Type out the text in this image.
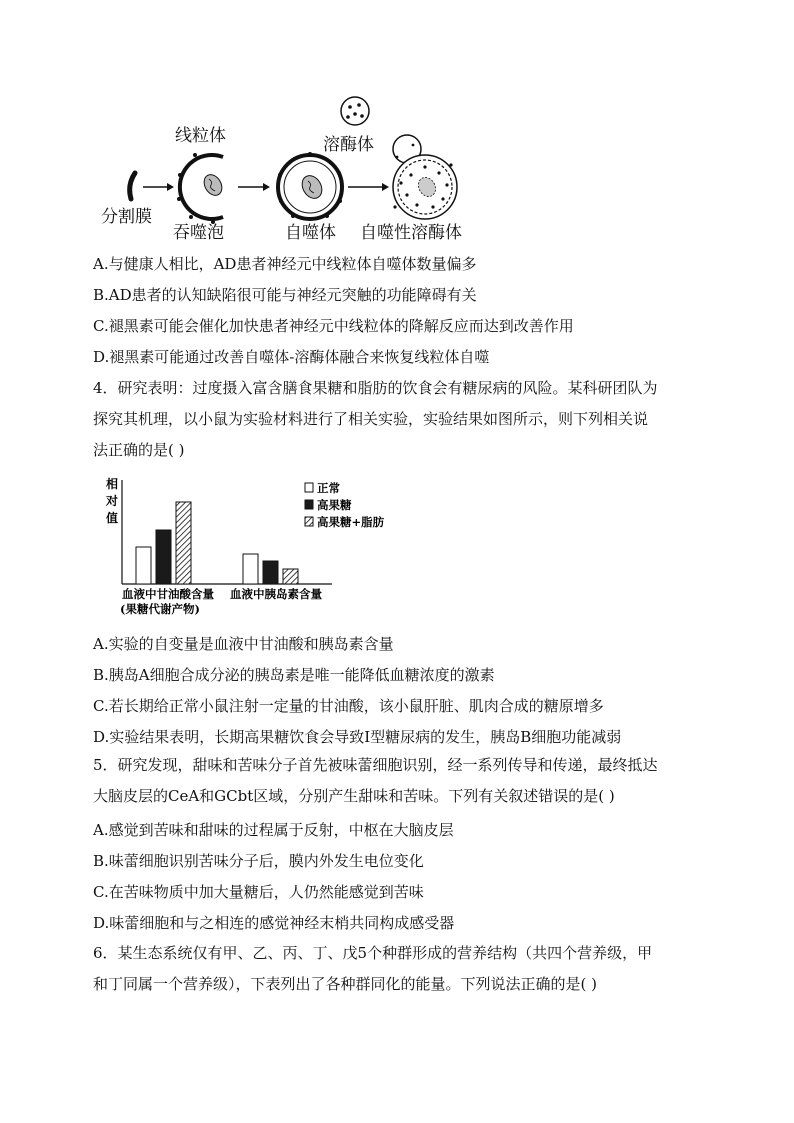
线粒体	溶酶体
分割膜
吞噬泡	自噬体 自噬性溶酶体
A.与健康人相比，AD患者神经元中线粒体自噬体数量偏多
B.AD患者的认知缺陷很可能与神经元突触的功能障碍有关
C.褪黑素可能会催化加快患者神经元中线粒体的降解反应而达到改善作用
D.褪黑素可能通过改善自噬体-溶酶体融合来恢复线粒体自噬
4．研究表明：过度摄入富含膳食果糖和脂肪的饮食会有糖尿病的风险。某科研团队为
探究其机理，以小鼠为实验材料进行了相关实验，实验结果如图所示，则下列相关说
法正确的是( )
相
对
值
血液中甘油酸含量
(果糖代谢产物)
血液中胰岛素含量
正常
高果糖
高果糖+脂肪
A.实验的自变量是血液中甘油酸和胰岛素含量
B.胰岛A细胞合成分泌的胰岛素是唯一能降低血糖浓度的激素
C.若长期给正常小鼠注射一定量的甘油酸，该小鼠肝脏、肌肉合成的糖原增多
D.实验结果表明，长期高果糖饮食会导致Ⅰ型糖尿病的发生，胰岛B细胞功能减弱
5．研究发现，甜味和苦味分子首先被味蕾细胞识别，经一系列传导和传递，最终抵达
大脑皮层的CeA和GCbt区域，分别产生甜味和苦味。下列有关叙述错误的是( )
A.感觉到苦味和甜味的过程属于反射，中枢在大脑皮层
B.味蕾细胞识别苦味分子后，膜内外发生电位变化
C.在苦味物质中加大量糖后，人仍然能感觉到苦味
D.味蕾细胞和与之相连的感觉神经末梢共同构成感受器
6．某生态系统仅有甲、乙、丙、丁、戊5个种群形成的营养结构（共四个营养级，甲
和丁同属一个营养级），下表列出了各种群同化的能量。下列说法正确的是( )
